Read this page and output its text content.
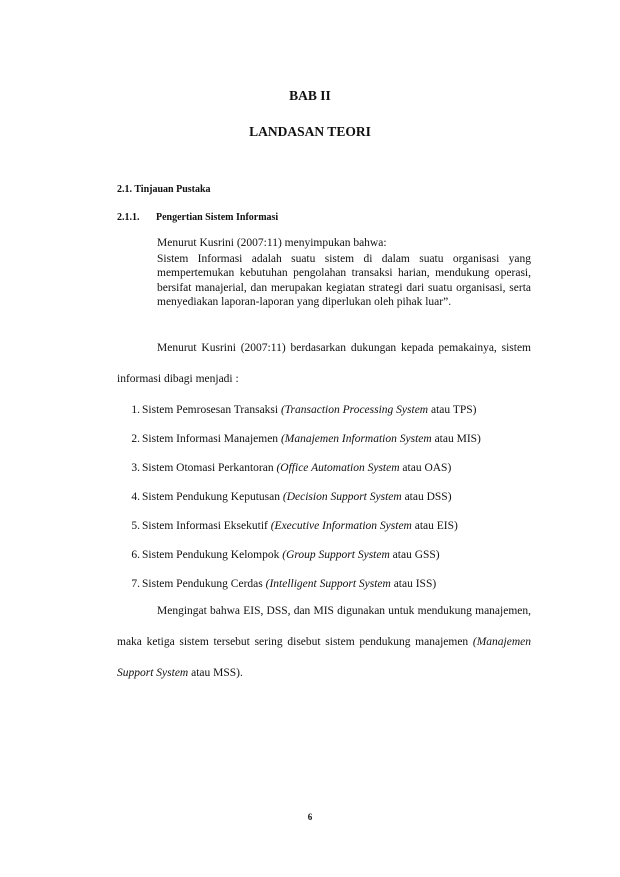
BAB II
LANDASAN TEORI
2.1. Tinjauan Pustaka
2.1.1. Pengertian Sistem Informasi
Menurut Kusrini (2007:11) menyimpukan bahwa:
Sistem Informasi adalah suatu sistem di dalam suatu organisasi yang mempertemukan kebutuhan pengolahan transaksi harian, mendukung operasi, bersifat manajerial, dan merupakan kegiatan strategi dari suatu organisasi, serta menyediakan laporan-laporan yang diperlukan oleh pihak luar”.

Menurut Kusrini (2007:11) berdasarkan dukungan kepada pemakainya, sistem informasi dibagi menjadi :

1. Sistem Pemrosesan Transaksi (Transaction Processing System atau TPS)
2. Sistem Informasi Manajemen (Manajemen Information System atau MIS)
3. Sistem Otomasi Perkantoran (Office Automation System atau OAS)
4. Sistem Pendukung Keputusan (Decision Support System atau DSS)
5. Sistem Informasi Eksekutif (Executive Information System atau EIS)
6. Sistem Pendukung Kelompok (Group Support System atau GSS)
7. Sistem Pendukung Cerdas (Intelligent Support System atau ISS)

Mengingat bahwa EIS, DSS, dan MIS digunakan untuk mendukung manajemen, maka ketiga sistem tersebut sering disebut sistem pendukung manajemen (Manajemen Support System atau MSS).

6
